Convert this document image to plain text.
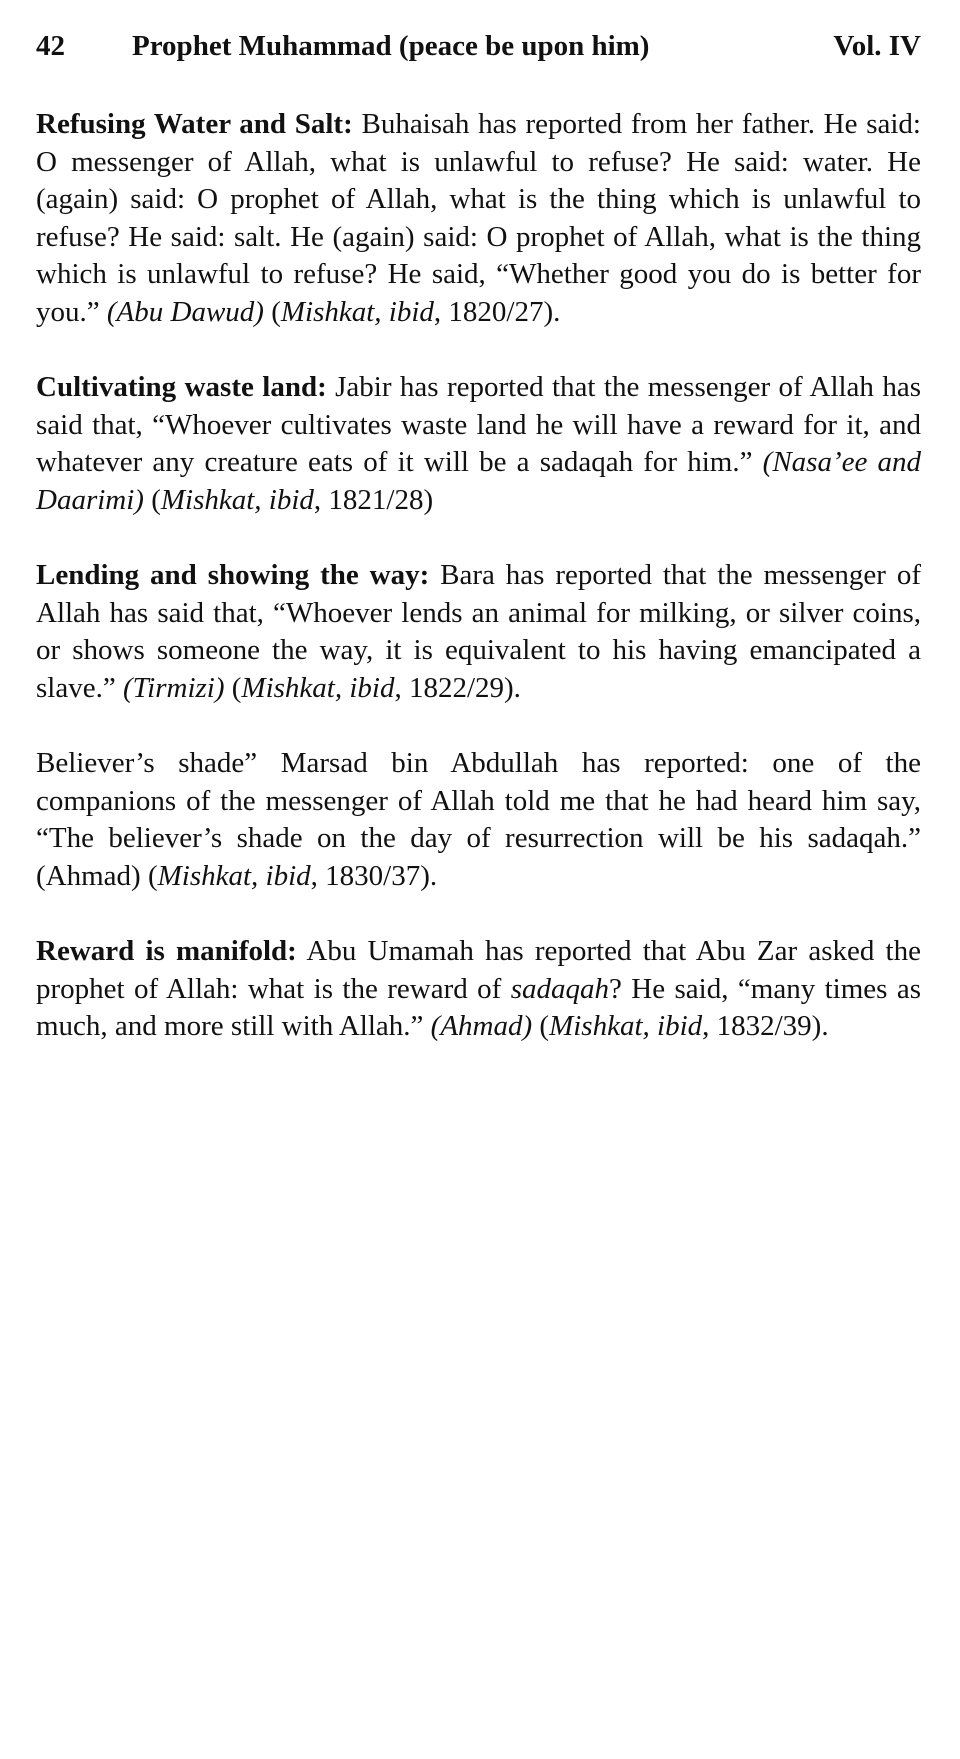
42	Prophet Muhammad (peace be upon him)	Vol. IV

Refusing Water and Salt: Buhaisah has reported from her father. He said: O messenger of Allah, what is unlawful to refuse? He said: water. He (again) said: O prophet of Allah, what is the thing which is unlawful to refuse? He said: salt. He (again) said: O prophet of Allah, what is the thing which is unlawful to refuse? He said, “Whether good you do is better for you.” (Abu Dawud) (Mishkat, ibid, 1820/27).

Cultivating waste land: Jabir has reported that the messenger of Allah has said that, “Whoever cultivates waste land he will have a reward for it, and whatever any creature eats of it will be a sadaqah for him.” (Nasa’ee and Daarimi) (Mishkat, ibid, 1821/28)

Lending and showing the way: Bara has reported that the messenger of Allah has said that, “Whoever lends an animal for milking, or silver coins, or shows someone the way, it is equivalent to his having emancipated a slave.” (Tirmizi) (Mishkat, ibid, 1822/29).

Believer’s shade” Marsad bin Abdullah has reported: one of the companions of the messenger of Allah told me that he had heard him say, “The believer’s shade on the day of resurrection will be his sadaqah.” (Ahmad) (Mishkat, ibid, 1830/37).

Reward is manifold: Abu Umamah has reported that Abu Zar asked the prophet of Allah: what is the reward of sadaqah? He said, “many times as much, and more still with Allah.” (Ahmad) (Mishkat, ibid, 1832/39).
